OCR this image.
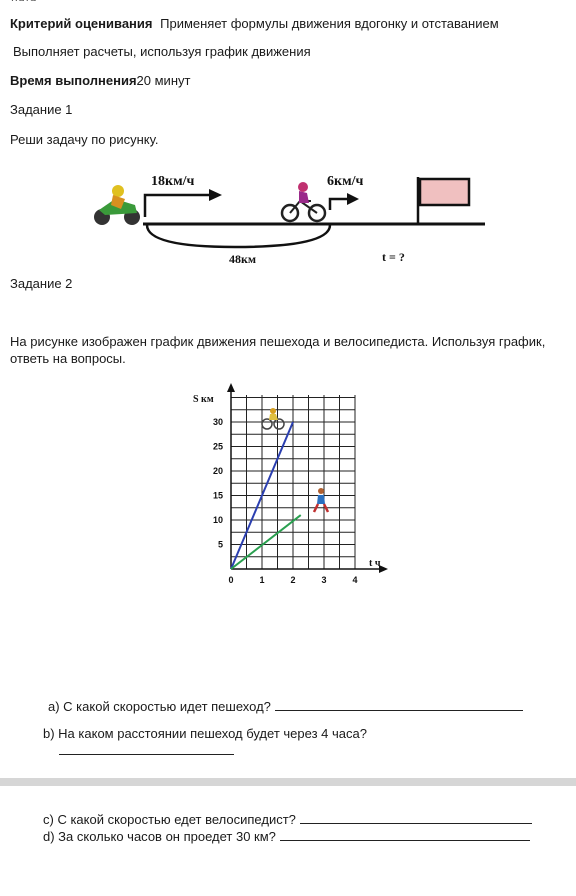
Критерий оценивания Применяет формулы движения вдогонку и отставанием
Выполняет расчеты, используя график движения
Время выполнения20 минут
Задание 1
Реши задачу по рисунку.
18км/ч	6км/ч
48км	t = ?
Задание 2
На рисунке изображен график движения пешехода и велосипедиста. Используя график, ответь на вопросы.
0	1	2	3	4
5
10
15
20
25
30
S км
t ч
а) С какой скоростью идет пешеход?
b) На каком расстоянии пешеход будет через 4 часа?
c) С какой скоростью едет велосипедист?
d) За сколько часов он проедет 30 км?
